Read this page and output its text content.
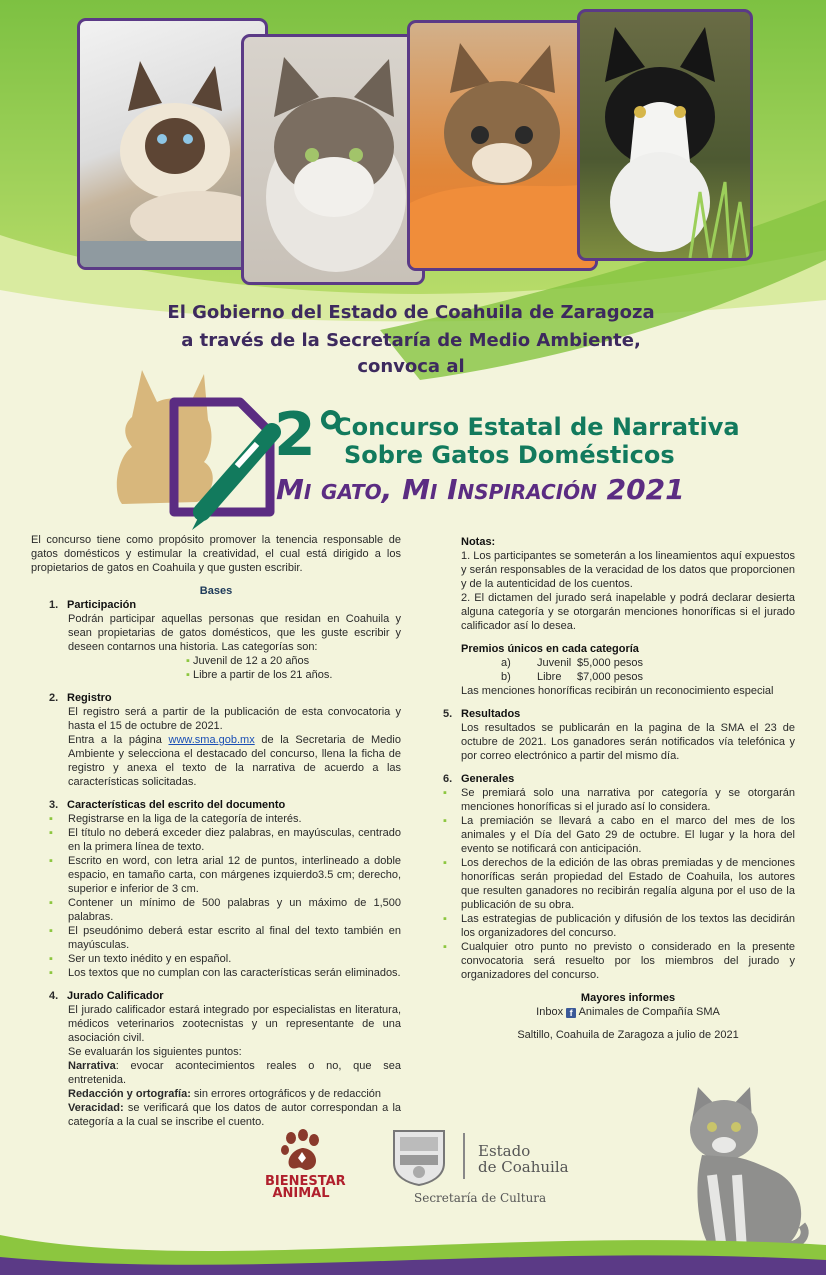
El Gobierno del Estado de Coahuila de Zaragoza
a través de la Secretaría de Medio Ambiente,
convoca al
2°
Concurso Estatal de Narrativa
Sobre Gatos Domésticos
Mi gato, Mi Inspiración 2021

El concurso tiene como propósito promover la tenencia responsable de gatos domésticos y estimular la creatividad, el cual está dirigido a los propietarios de gatos en Coahuila y que gusten escribir.

Bases

1. Participación

Podrán participar aquellas personas que residan en Coahuila y sean propietarias de gatos domésticos, que les guste escribir y deseen contarnos una historia. Las categorías son:

▪ Juvenil de 12 a 20 años

▪ Libre a partir de los 21 años.

2. Registro

El registro será a partir de la publicación de esta convocatoria y hasta el 15 de octubre de 2021.

Entra a la página www.sma.gob.mx de la Secretaria de Medio Ambiente y selecciona el destacado del concurso, llena la ficha de registro y anexa el texto de la narrativa de acuerdo a las características solicitadas.

3. Características del escrito del documento

▪ Registrarse en la liga de la categoría de interés.
▪ El título no deberá exceder diez palabras, en mayúsculas, centrado en la primera línea de texto.
▪ Escrito en word, con letra arial 12 de puntos, interlineado a doble espacio, en tamaño carta, con márgenes izquierdo3.5 cm; derecho, superior e inferior de 3 cm.
▪ Contener un mínimo de 500 palabras y un máximo de 1,500 palabras.
▪ El pseudónimo deberá estar escrito al final del texto también en mayúsculas.
▪ Ser un texto inédito y en español.
▪ Los textos que no cumplan con las características serán eliminados.

4. Jurado Calificador

El jurado calificador estará integrado por especialistas en literatura, médicos veterinarios zootecnistas y un representante de una asociación civil.

Se evaluarán los siguientes puntos:

Narrativa: evocar acontecimientos reales o no, que sea entretenida.

Redacción y ortografía: sin errores ortográficos y de redacción

Veracidad: se verificará que los datos de autor correspondan a la categoría a la cual se inscribe el cuento.

Notas:

1. Los participantes se someterán a los lineamientos aquí expuestos y serán responsables de la veracidad de los datos que proporcionen y de la autenticidad de los cuentos.

2. El dictamen del jurado será inapelable y podrá declarar desierta alguna categoría y se otorgarán menciones honoríficas si el jurado calificador así lo desea.

Premios únicos en cada categoría

a) Juvenil $5,000 pesos

b) Libre $7,000 pesos

Las menciones honoríficas recibirán un reconocimiento especial

5. Resultados

Los resultados se publicarán en la pagina de la SMA el 23 de octubre de 2021. Los ganadores serán notificados vía telefónica y por correo electrónico a partir del mismo día.

6. Generales

▪ Se premiará solo una narrativa por categoría y se otorgarán menciones honoríficas si el jurado así lo considera.
▪ La premiación se llevará a cabo en el marco del mes de los animales y el Día del Gato 29 de octubre. El lugar y la hora del evento se notificará con anticipación.
▪ Los derechos de la edición de las obras premiadas y de menciones honoríficas serán propiedad del Estado de Coahuila, los autores que resulten ganadores no recibirán regalía alguna por el uso de la publicación de su obra.
▪ Las estrategias de publicación y difusión de los textos las decidirán los organizadores del concurso.
▪ Cualquier otro punto no previsto o considerado en la presente convocatoria será resuelto por los miembros del jurado y organizadores del concurso.

Mayores informes

Inbox f Animales de Compañía SMA

Saltillo, Coahuila de Zaragoza a julio de 2021

BIENESTAR ANIMAL
Estado
de Coahuila
Secretaría de Cultura
